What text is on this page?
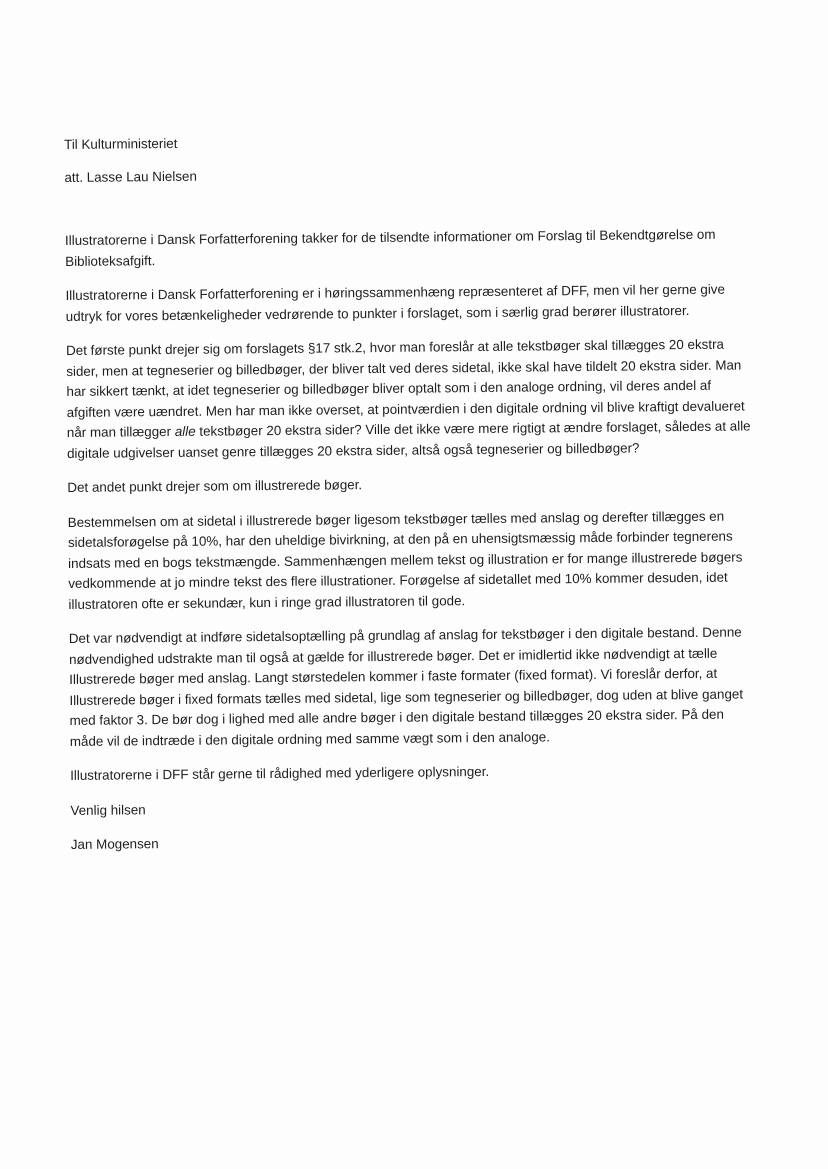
Til Kulturministeriet

att. Lasse Lau Nielsen

Illustratorerne i Dansk Forfatterforening takker for de tilsendte informationer om Forslag til Bekendtgørelse om Biblioteksafgift.

Illustratorerne i Dansk Forfatterforening er i høringssammenhæng repræsenteret af DFF, men vil her gerne give udtryk for vores betænkeligheder vedrørende to punkter i forslaget, som i særlig grad berører illustratorer.

Det første punkt drejer sig om forslagets §17 stk.2, hvor man foreslår at alle tekstbøger skal tillægges 20 ekstra sider, men at tegneserier og billedbøger, der bliver talt ved deres sidetal, ikke skal have tildelt 20 ekstra sider. Man har sikkert tænkt, at idet tegneserier og billedbøger bliver optalt som i den analoge ordning, vil deres andel af afgiften være uændret. Men har man ikke overset, at pointværdien i den digitale ordning vil blive kraftigt devalueret når man tillægger alle tekstbøger 20 ekstra sider? Ville det ikke være mere rigtigt at ændre forslaget, således at alle digitale udgivelser uanset genre tillægges 20 ekstra sider, altså også tegneserier og billedbøger?

Det andet punkt drejer som om illustrerede bøger.

Bestemmelsen om at sidetal i illustrerede bøger ligesom tekstbøger tælles med anslag og derefter tillægges en sidetalsforøgelse på 10%, har den uheldige bivirkning, at den på en uhensigtsmæssig måde forbinder tegnerens indsats med en bogs tekstmængde. Sammenhængen mellem tekst og illustration er for mange illustrerede bøgers vedkommende at jo mindre tekst des flere illustrationer. Forøgelse af sidetallet med 10% kommer desuden, idet illustratoren ofte er sekundær, kun i ringe grad illustratoren til gode.

Det var nødvendigt at indføre sidetalsoptælling på grundlag af anslag for tekstbøger i den digitale bestand. Denne nødvendighed udstrakte man til også at gælde for illustrerede bøger. Det er imidlertid ikke nødvendigt at tælle Illustrerede bøger med anslag. Langt størstedelen kommer i faste formater (fixed format). Vi foreslår derfor, at Illustrerede bøger i fixed formats tælles med sidetal, lige som tegneserier og billedbøger, dog uden at blive ganget med faktor 3. De bør dog i lighed med alle andre bøger i den digitale bestand tillægges 20 ekstra sider. På den måde vil de indtræde i den digitale ordning med samme vægt som i den analoge.

Illustratorerne i DFF står gerne til rådighed med yderligere oplysninger.

Venlig hilsen

Jan Mogensen
